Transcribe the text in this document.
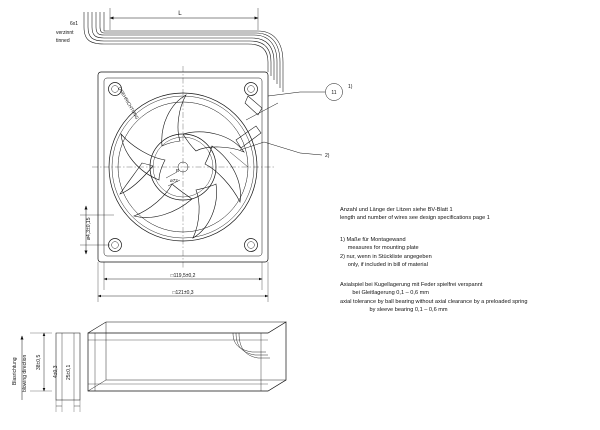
L
6x1
verzinnt
tinned
DREHRICHTUNG
B
ø72
ø4,3±0,15
□119,5±0,2
□121±0,3
11
1)
2)
Blasrichtung blowing direction 38±0,5
4±0,3 25±0,1
Anzahl und Länge der Litzen siehe BV-Blatt 1
length and number of wires see design specifications page 1
1) Maße für Montagewand
measures for mounting plate
2) nur, wenn in Stückliste angegeben
only, if included in bill of material
Axialspiel bei Kugellagerung mit Feder spielfrei verspannt
bei Gleitlagerung 0,1 – 0,6 mm
axial tolerance by ball bearing without axial clearance by a preloaded spring
by sleeve bearing 0,1 – 0,6 mm
